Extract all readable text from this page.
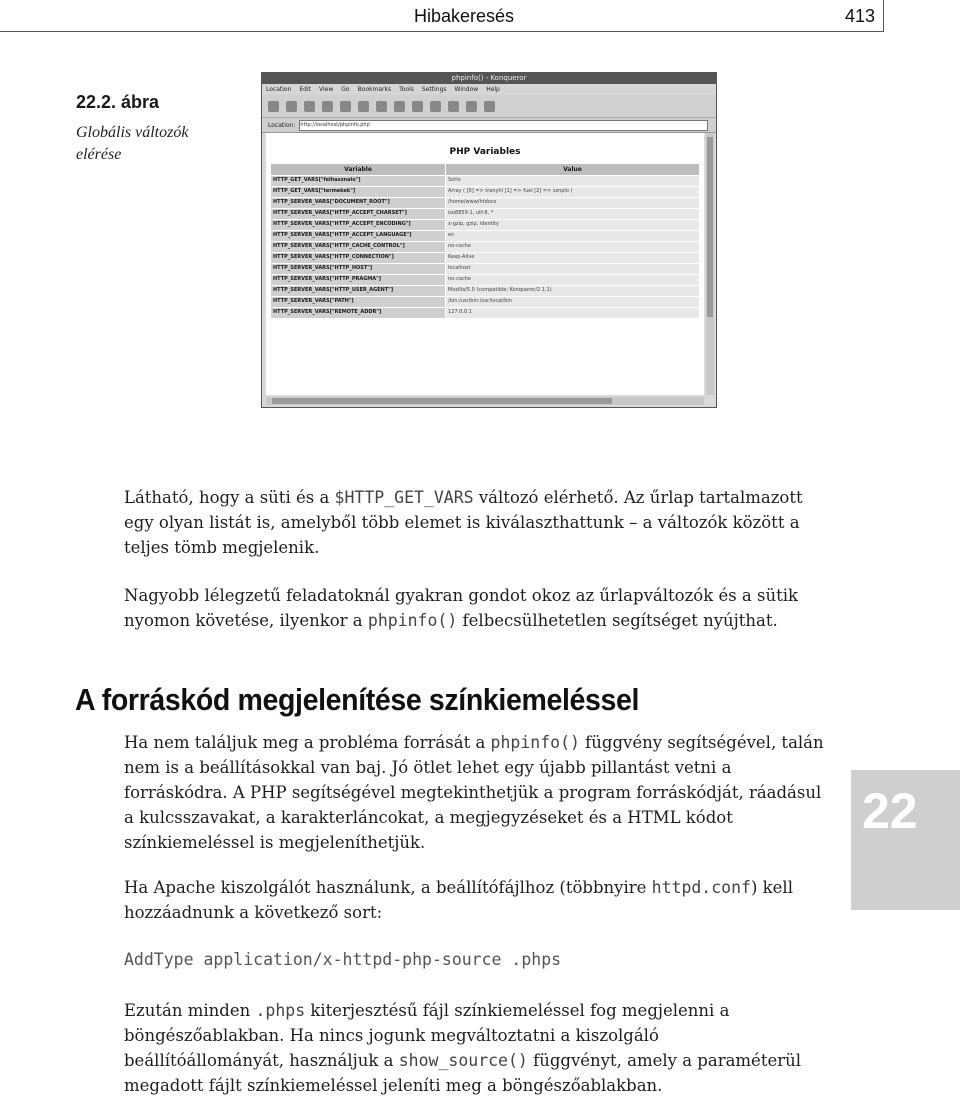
Hibakeresés	413
22.2. ábra
Globális változók elérése
phpinfo() - Konqueror
Location Edit View Go Bookmarks Tools Settings Window Help
Location: http://localhost/phpinfo.php
PHP Variables
Variable	Value
HTTP_GET_VARS["felhasznalo"]	Sotlo
HTTP_GET_VARS["termekek"]	Array ( [0] => tranyhl [1] => fuel [2] => sznplo )
HTTP_SERVER_VARS["DOCUMENT_ROOT"]	/home/www/htdocs
HTTP_SERVER_VARS["HTTP_ACCEPT_CHARSET"]	iso8859-1, utf-8, *
HTTP_SERVER_VARS["HTTP_ACCEPT_ENCODING"]	x-gzip, gzip, identity
HTTP_SERVER_VARS["HTTP_ACCEPT_LANGUAGE"]	en
HTTP_SERVER_VARS["HTTP_CACHE_CONTROL"]	no-cache
HTTP_SERVER_VARS["HTTP_CONNECTION"]	Keep-Alive
HTTP_SERVER_VARS["HTTP_HOST"]	localhost
HTTP_SERVER_VARS["HTTP_PRAGMA"]	no-cache
HTTP_SERVER_VARS["HTTP_USER_AGENT"]	Mozilla/5.0 (compatible; Konqueror/2.1.1)
HTTP_SERVER_VARS["PATH"]	/bin:/usr/bin:/usr/local/bin
HTTP_SERVER_VARS["REMOTE_ADDR"]	127.0.0.1
Látható, hogy a süti és a $HTTP_GET_VARS változó elérhető. Az űrlap tartalmazott egy olyan listát is, amelyből több elemet is kiválaszthattunk – a változók között a teljes tömb megjelenik.
Nagyobb lélegzetű feladatoknál gyakran gondot okoz az űrlapváltozók és a sütik nyomon követése, ilyenkor a phpinfo() felbecsülhetetlen segítséget nyújthat.
A forráskód megjelenítése színkiemeléssel
Ha nem találjuk meg a probléma forrását a phpinfo() függvény segítségével, talán nem is a beállításokkal van baj. Jó ötlet lehet egy újabb pillantást vetni a forráskódra. A PHP segítségével megtekinthetjük a program forráskódját, ráadásul a kulcsszavakat, a karakterláncokat, a megjegyzéseket és a HTML kódot színkiemeléssel is megjeleníthetjük.
Ha Apache kiszolgálót használunk, a beállítófájlhoz (többnyire httpd.conf) kell hozzáadnunk a következő sort:
AddType application/x-httpd-php-source .phps
Ezután minden .phps kiterjesztésű fájl színkiemeléssel fog megjelenni a böngészőablakban. Ha nincs jogunk megváltoztatni a kiszolgáló beállítóállományát, használjuk a show_source() függvényt, amely a paraméterül megadott fájlt színkiemeléssel jeleníti meg a böngészőablakban.
22
